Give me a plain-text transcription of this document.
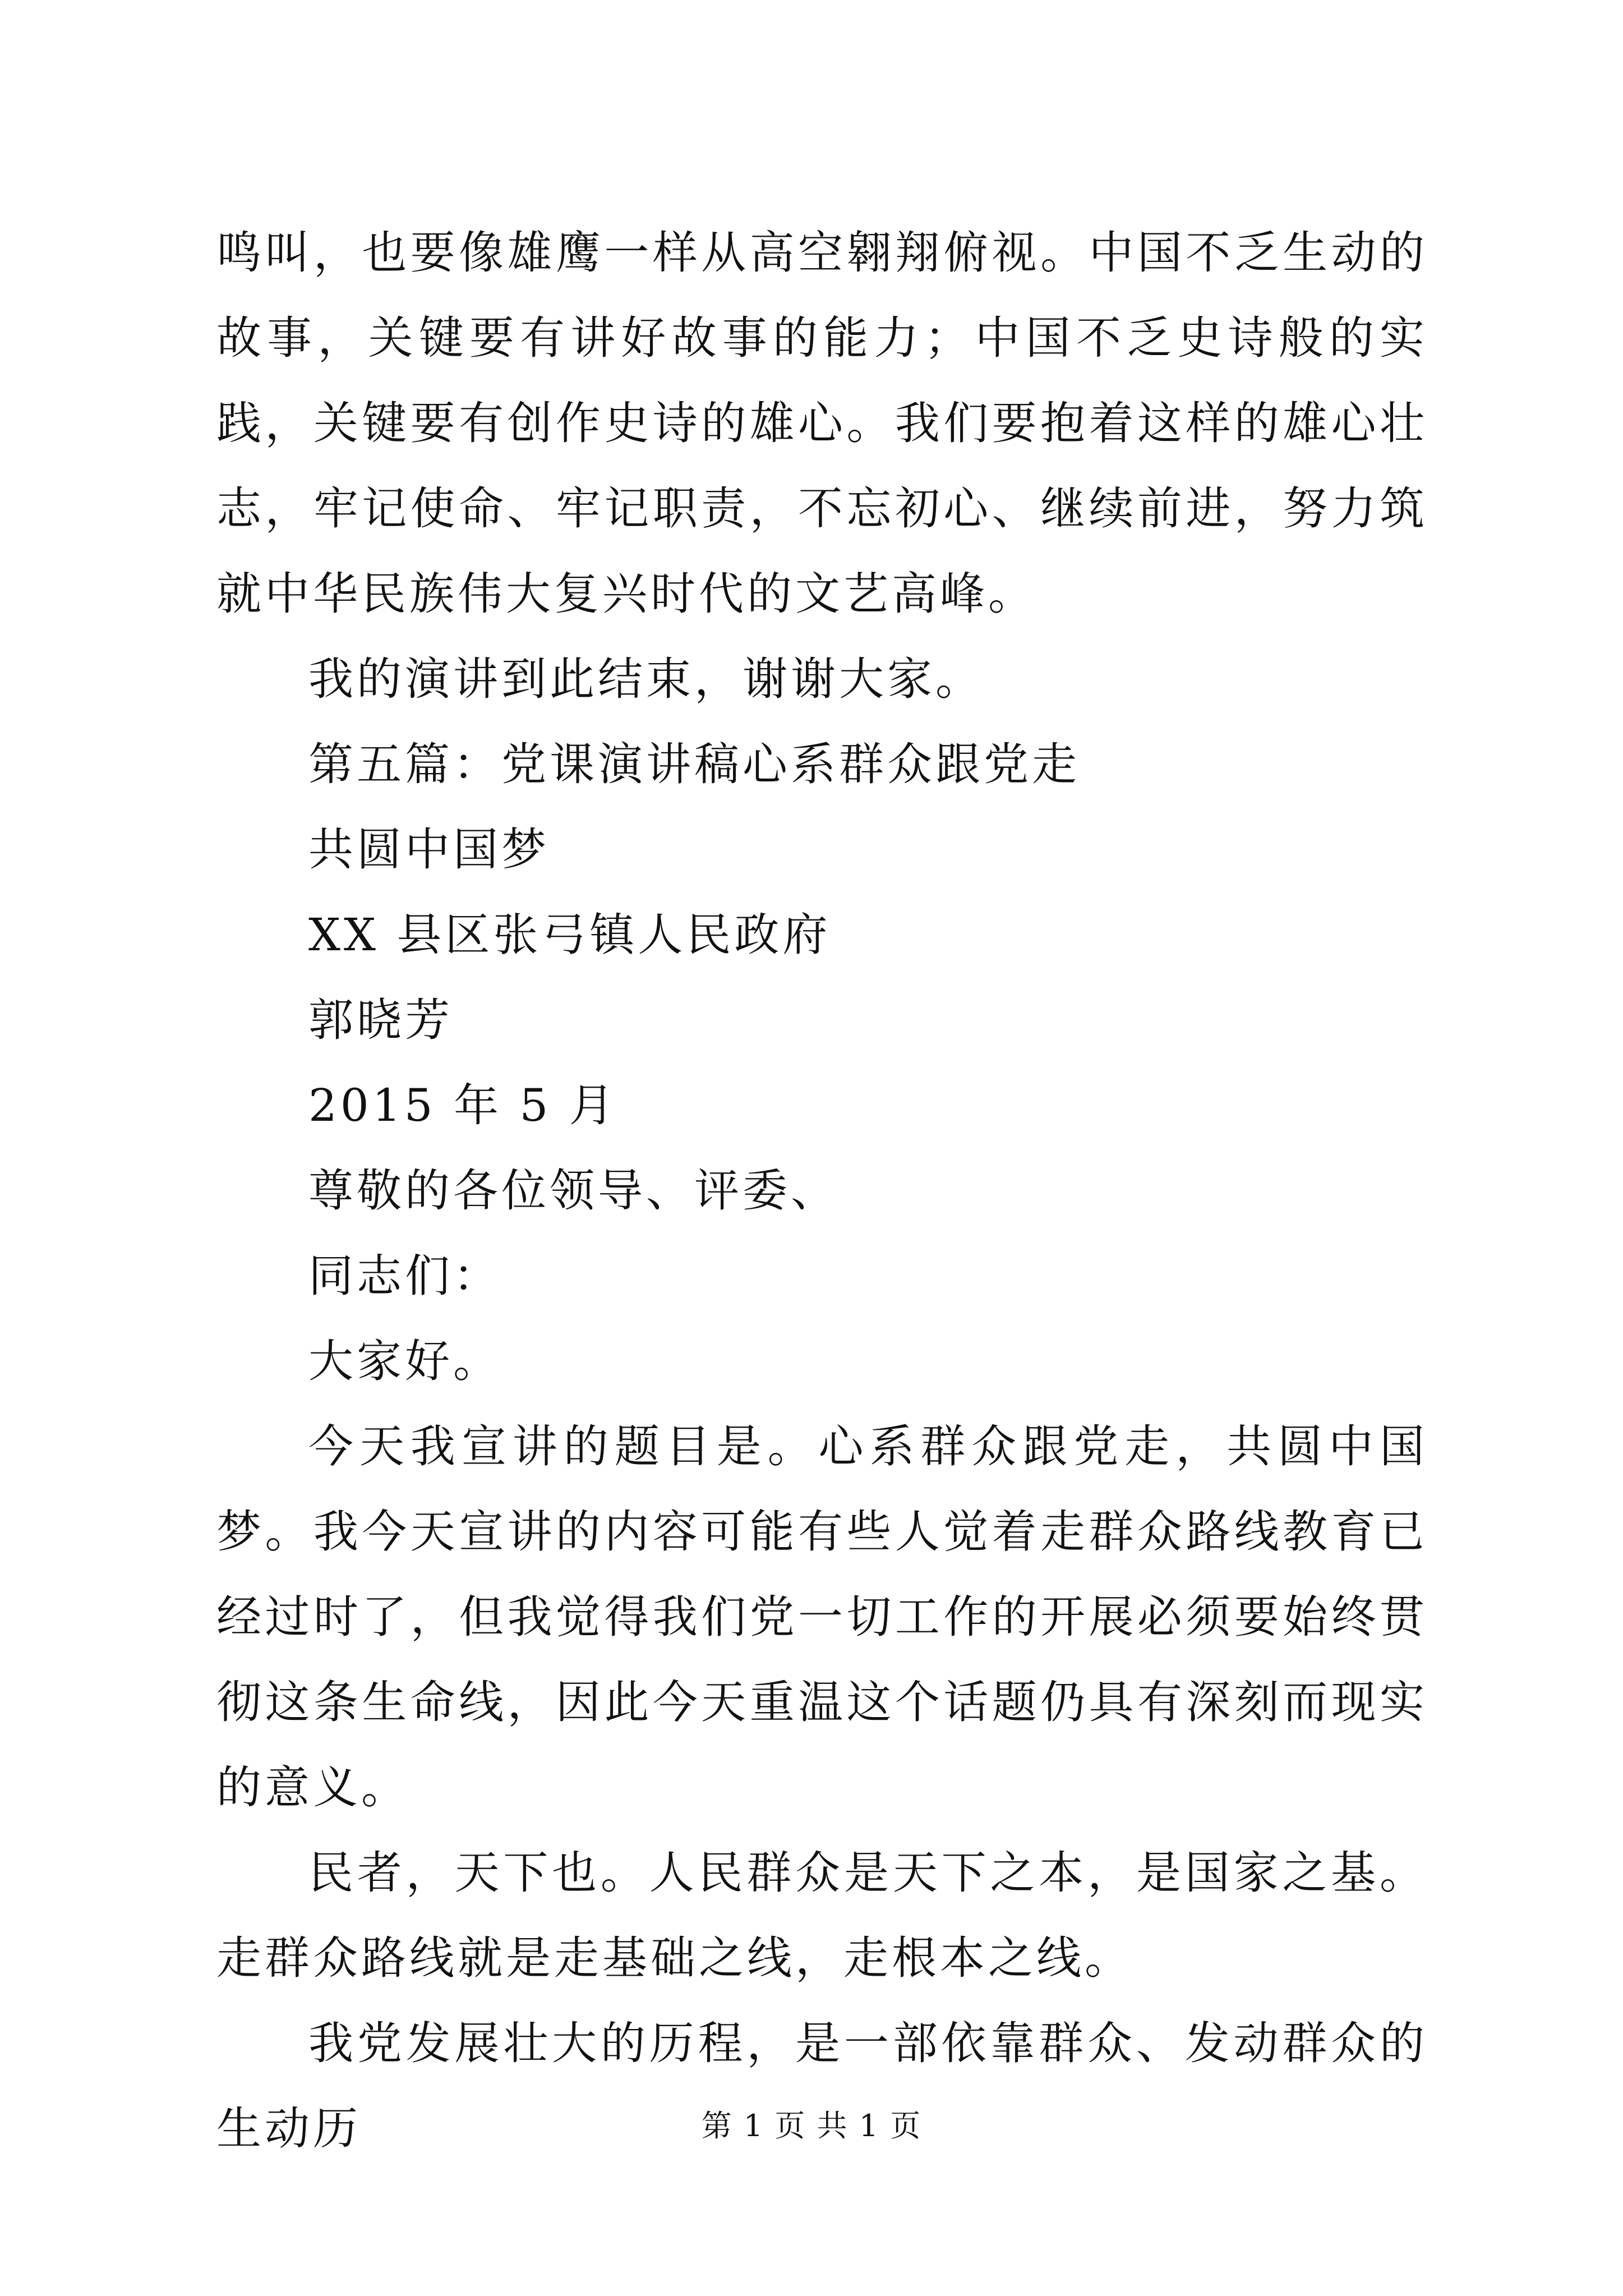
鸣叫，也要像雄鹰一样从高空翱翔俯视。中国不乏生动的故事，关键要有讲好故事的能力；中国不乏史诗般的实践，关键要有创作史诗的雄心。我们要抱着这样的雄心壮志，牢记使命、牢记职责，不忘初心、继续前进，努力筑就中华民族伟大复兴时代的文艺高峰。

我的演讲到此结束，谢谢大家。

第五篇：党课演讲稿心系群众跟党走

共圆中国梦

XX 县区张弓镇人民政府

郭晓芳

2015 年 5 月

尊敬的各位领导、评委、

同志们：

大家好。

今天我宣讲的题目是。心系群众跟党走，共圆中国梦。我今天宣讲的内容可能有些人觉着走群众路线教育已经过时了，但我觉得我们党一切工作的开展必须要始终贯彻这条生命线，因此今天重温这个话题仍具有深刻而现实的意义。

民者，天下也。人民群众是天下之本，是国家之基。走群众路线就是走基础之线，走根本之线。

我党发展壮大的历程，是一部依靠群众、发动群众的生动历	第 1 页 共 1 页
